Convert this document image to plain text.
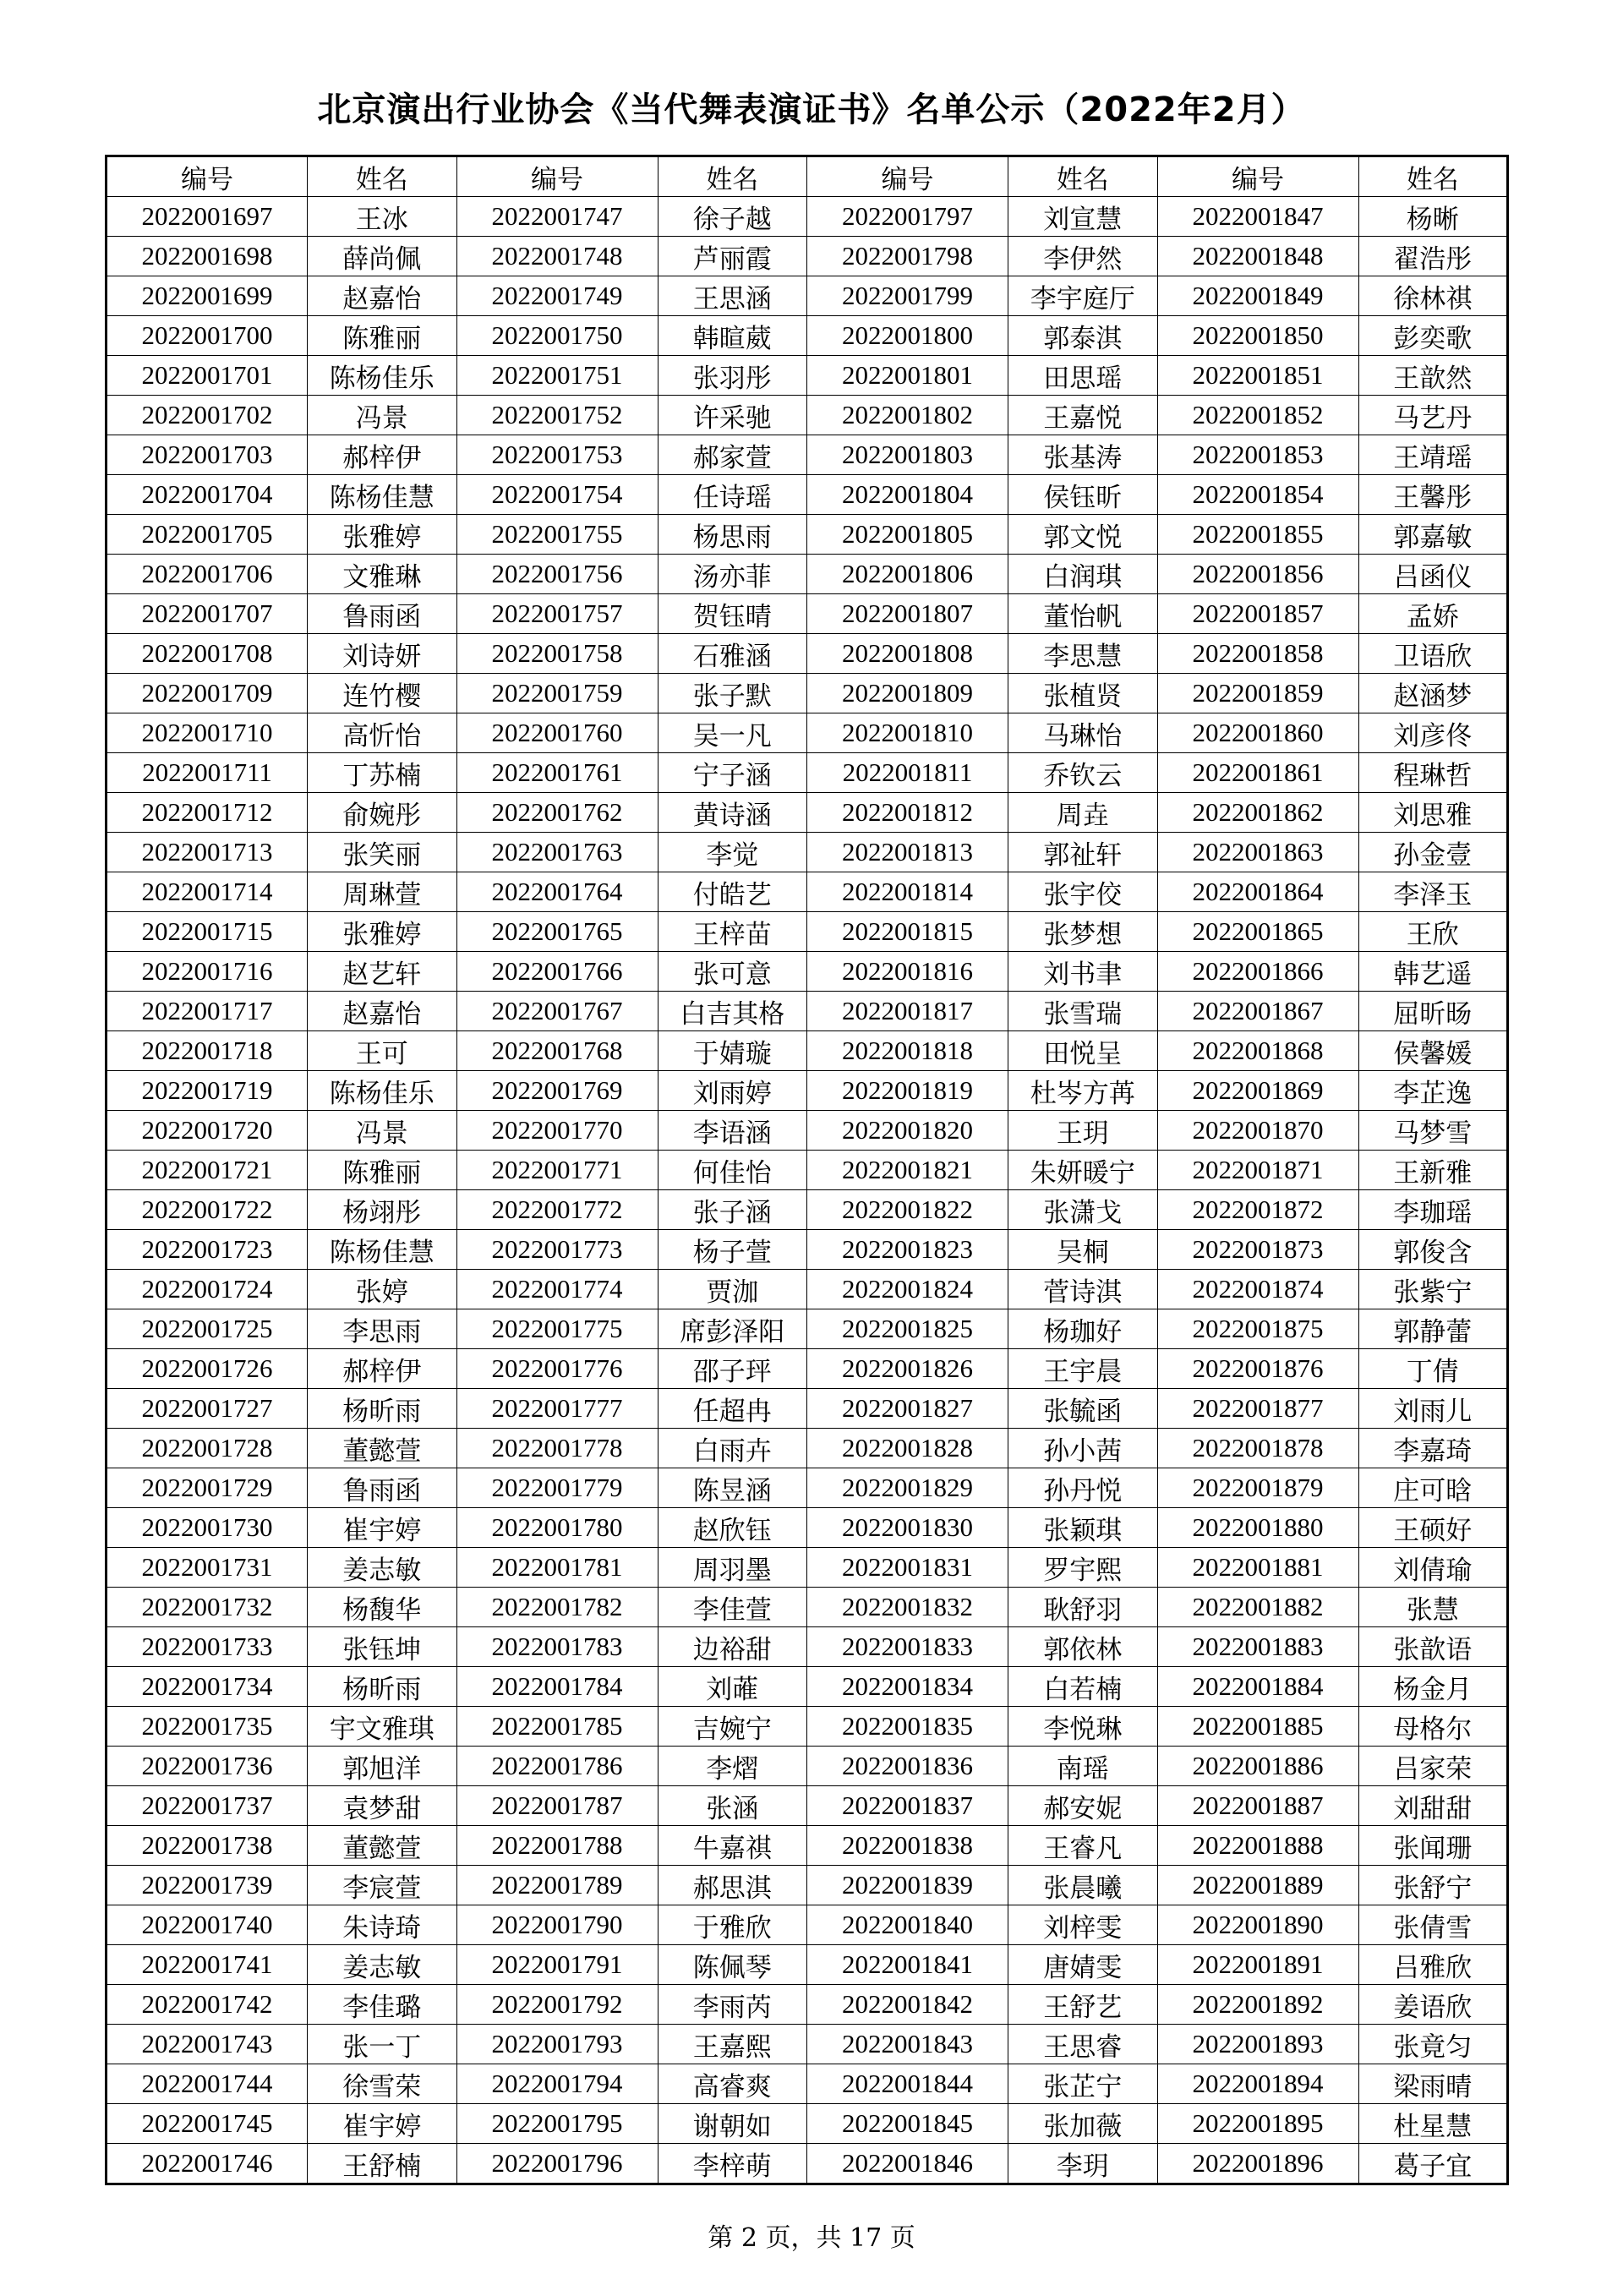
北京演出行业协会《当代舞表演证书》名单公示（2022年2月）
编号	姓名	编号	姓名	编号	姓名	编号	姓名
2022001697	王冰	2022001747	徐子越	2022001797	刘宣慧	2022001847	杨晰
2022001698	薛尚佩	2022001748	芦丽霞	2022001798	李伊然	2022001848	翟浩彤
2022001699	赵嘉怡	2022001749	王思涵	2022001799	李宇庭厅	2022001849	徐林祺
2022001700	陈雅丽	2022001750	韩暄葳	2022001800	郭泰淇	2022001850	彭奕歌
2022001701	陈杨佳乐	2022001751	张羽彤	2022001801	田思瑶	2022001851	王歆然
2022001702	冯景	2022001752	许采驰	2022001802	王嘉悦	2022001852	马艺丹
2022001703	郝梓伊	2022001753	郝家萱	2022001803	张基涛	2022001853	王靖瑶
2022001704	陈杨佳慧	2022001754	任诗瑶	2022001804	侯钰昕	2022001854	王馨彤
2022001705	张雅婷	2022001755	杨思雨	2022001805	郭文悦	2022001855	郭嘉敏
2022001706	文雅琳	2022001756	汤亦菲	2022001806	白润琪	2022001856	吕函仪
2022001707	鲁雨函	2022001757	贺钰晴	2022001807	董怡帆	2022001857	孟娇
2022001708	刘诗妍	2022001758	石雅涵	2022001808	李思慧	2022001858	卫语欣
2022001709	连竹樱	2022001759	张子默	2022001809	张植贤	2022001859	赵涵梦
2022001710	高忻怡	2022001760	吴一凡	2022001810	马琳怡	2022001860	刘彦佟
2022001711	丁苏楠	2022001761	宁子涵	2022001811	乔钦云	2022001861	程琳哲
2022001712	俞婉彤	2022001762	黄诗涵	2022001812	周垚	2022001862	刘思雅
2022001713	张笑丽	2022001763	李觉	2022001813	郭祉轩	2022001863	孙金壹
2022001714	周琳萱	2022001764	付皓艺	2022001814	张宇佼	2022001864	李泽玉
2022001715	张雅婷	2022001765	王梓苗	2022001815	张梦想	2022001865	王欣
2022001716	赵艺轩	2022001766	张可意	2022001816	刘书聿	2022001866	韩艺遥
2022001717	赵嘉怡	2022001767	白吉其格	2022001817	张雪瑞	2022001867	屈昕旸
2022001718	王可	2022001768	于婧璇	2022001818	田悦呈	2022001868	侯馨媛
2022001719	陈杨佳乐	2022001769	刘雨婷	2022001819	杜岑方苒	2022001869	李芷逸
2022001720	冯景	2022001770	李语涵	2022001820	王玥	2022001870	马梦雪
2022001721	陈雅丽	2022001771	何佳怡	2022001821	朱妍暖宁	2022001871	王新雅
2022001722	杨翊彤	2022001772	张子涵	2022001822	张潇戈	2022001872	李珈瑶
2022001723	陈杨佳慧	2022001773	杨子萱	2022001823	吴桐	2022001873	郭俊含
2022001724	张婷	2022001774	贾泇	2022001824	菅诗淇	2022001874	张紫宁
2022001725	李思雨	2022001775	席彭泽阳	2022001825	杨珈好	2022001875	郭静蕾
2022001726	郝梓伊	2022001776	邵子玶	2022001826	王宇晨	2022001876	丁倩
2022001727	杨昕雨	2022001777	任超冉	2022001827	张毓函	2022001877	刘雨儿
2022001728	董懿萱	2022001778	白雨卉	2022001828	孙小茜	2022001878	李嘉琦
2022001729	鲁雨函	2022001779	陈昱涵	2022001829	孙丹悦	2022001879	庄可晗
2022001730	崔宇婷	2022001780	赵欣钰	2022001830	张颖琪	2022001880	王硕好
2022001731	姜志敏	2022001781	周羽墨	2022001831	罗宇熙	2022001881	刘倩瑜
2022001732	杨馥华	2022001782	李佳萱	2022001832	耿舒羽	2022001882	张慧
2022001733	张钰坤	2022001783	边裕甜	2022001833	郭依林	2022001883	张歆语
2022001734	杨昕雨	2022001784	刘蓶	2022001834	白若楠	2022001884	杨金月
2022001735	宇文雅琪	2022001785	吉婉宁	2022001835	李悦琳	2022001885	母格尔
2022001736	郭旭洋	2022001786	李熠	2022001836	南瑶	2022001886	吕家荣
2022001737	袁梦甜	2022001787	张涵	2022001837	郝安妮	2022001887	刘甜甜
2022001738	董懿萱	2022001788	牛嘉祺	2022001838	王睿凡	2022001888	张闻珊
2022001739	李宸萱	2022001789	郝思淇	2022001839	张晨曦	2022001889	张舒宁
2022001740	朱诗琦	2022001790	于雅欣	2022001840	刘梓雯	2022001890	张倩雪
2022001741	姜志敏	2022001791	陈佩琴	2022001841	唐婧雯	2022001891	吕雅欣
2022001742	李佳璐	2022001792	李雨芮	2022001842	王舒艺	2022001892	姜语欣
2022001743	张一丁	2022001793	王嘉熙	2022001843	王思睿	2022001893	张竟匀
2022001744	徐雪荣	2022001794	高睿爽	2022001844	张芷宁	2022001894	梁雨晴
2022001745	崔宇婷	2022001795	谢朝如	2022001845	张加薇	2022001895	杜星慧
2022001746	王舒楠	2022001796	李梓萌	2022001846	李玥	2022001896	葛子宜
第 2 页，共 17 页
